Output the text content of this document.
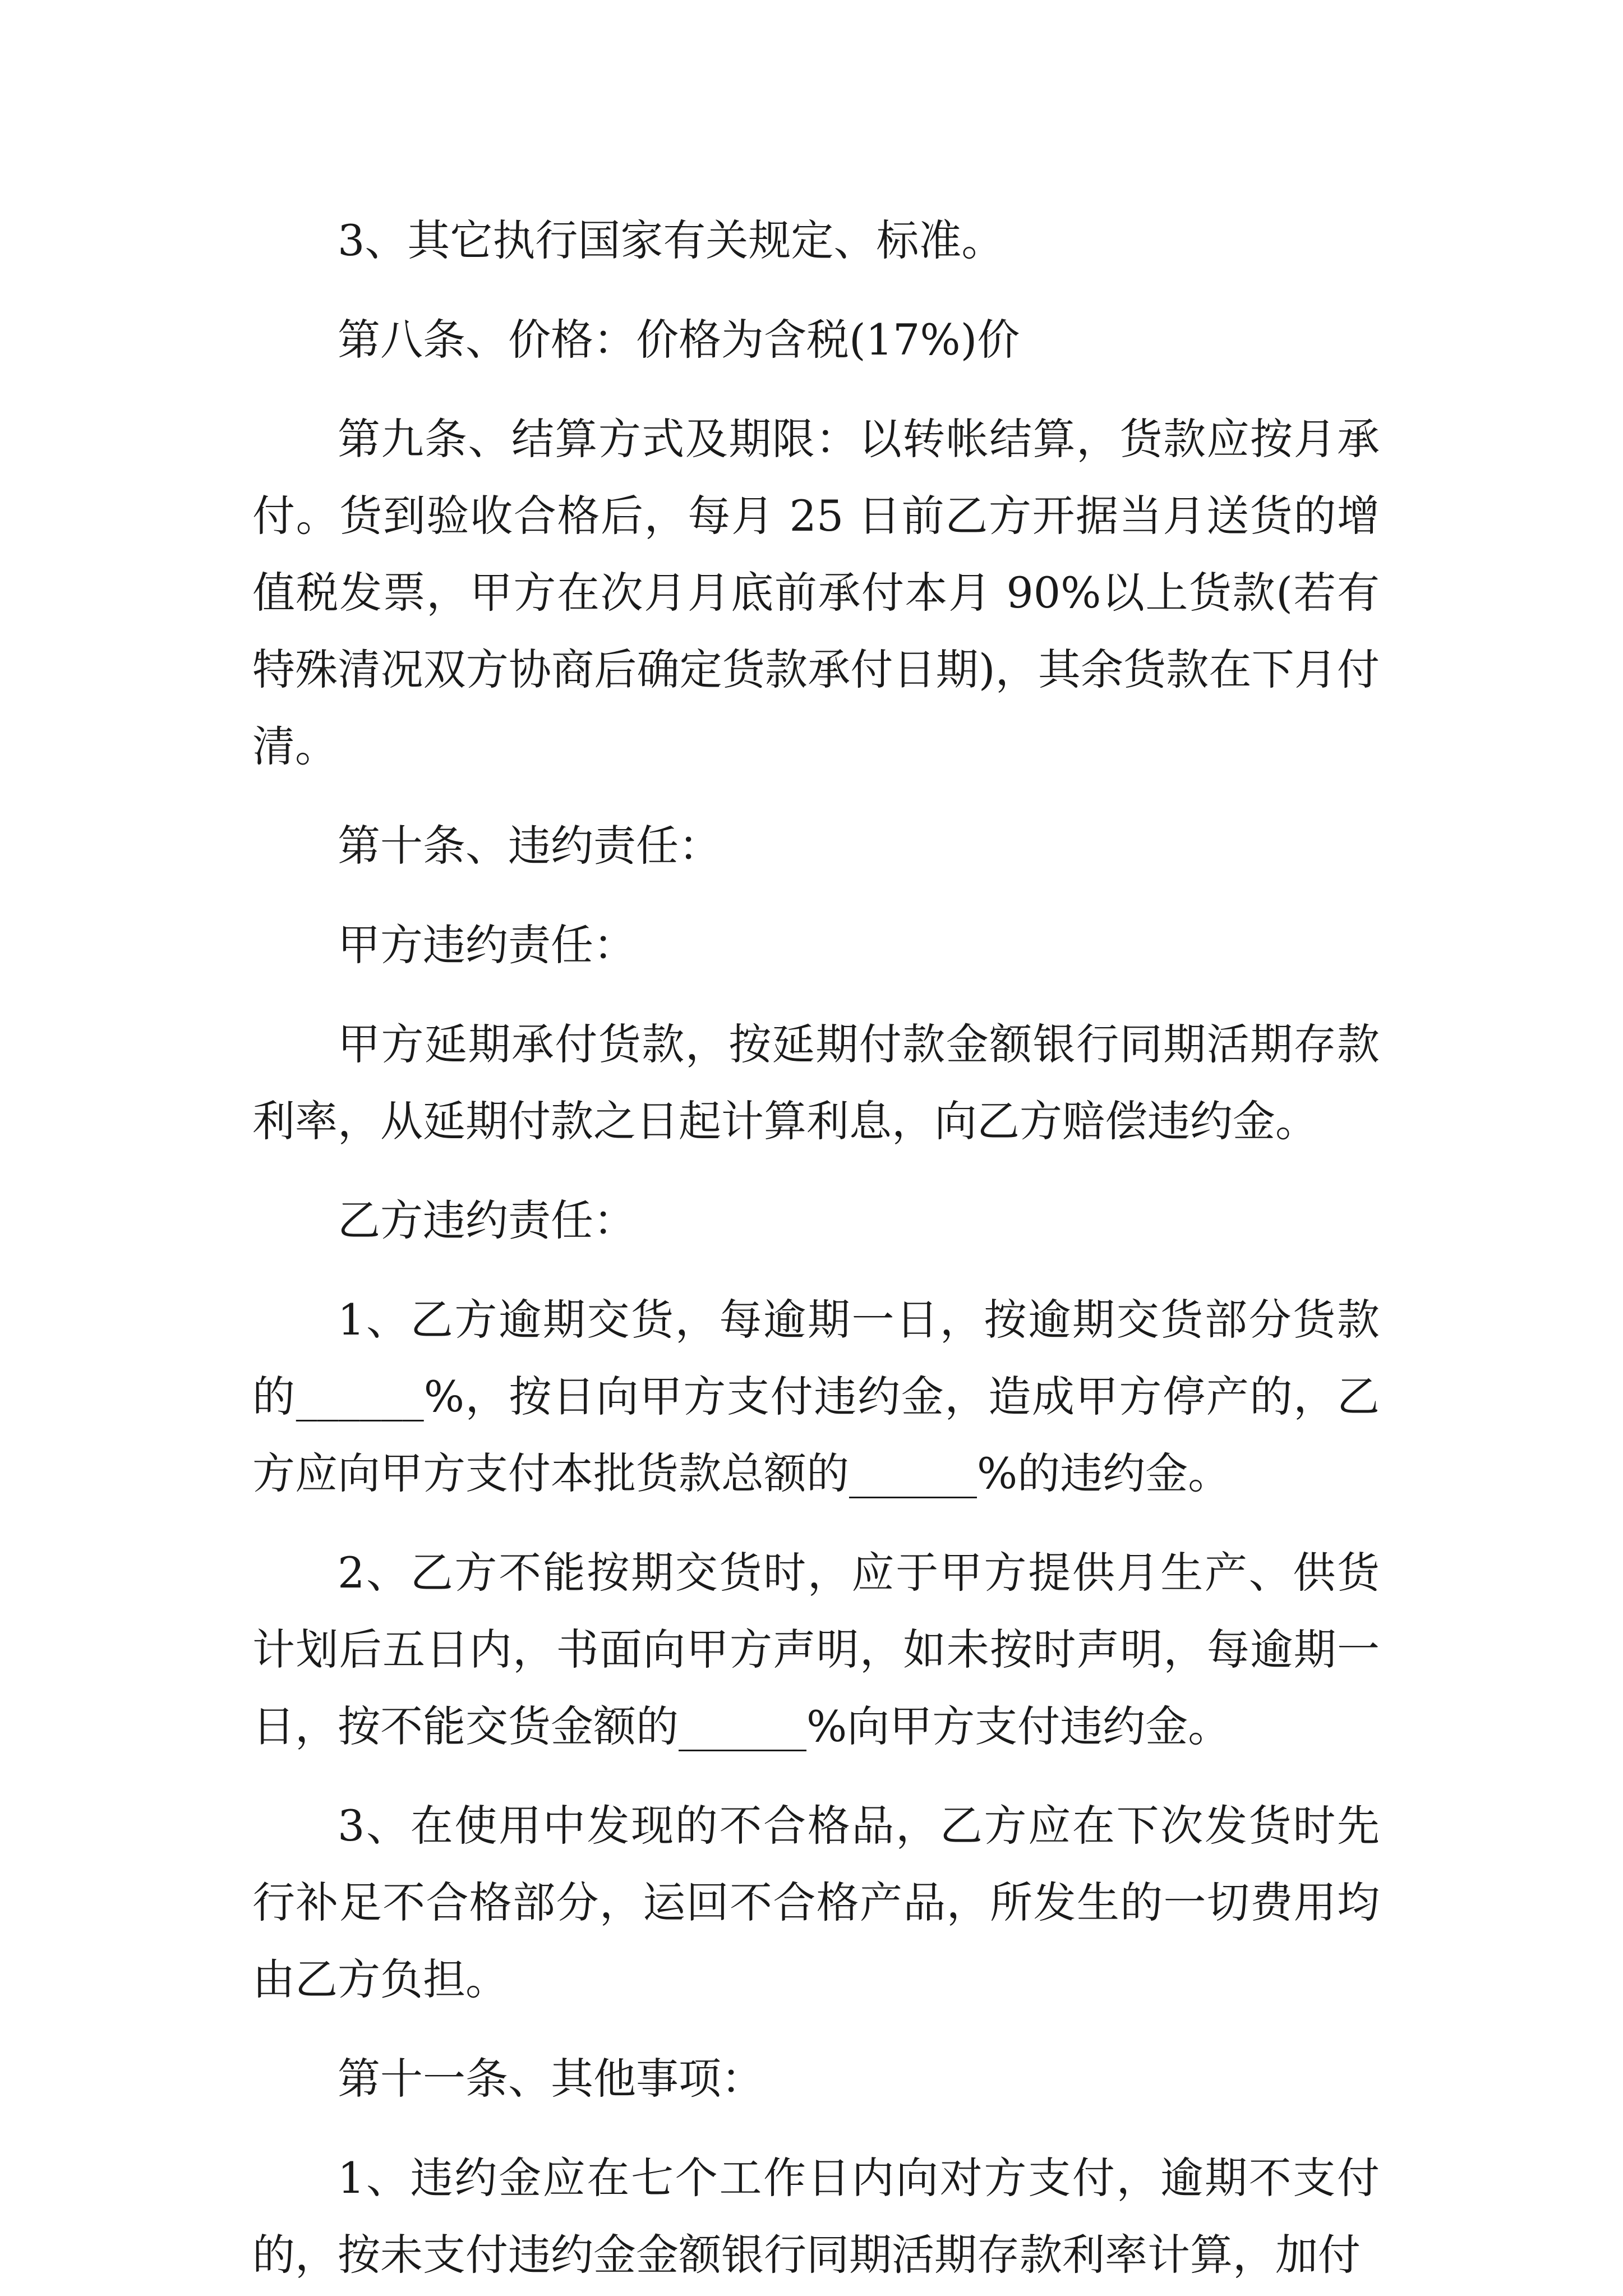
3、其它执行国家有关规定、标准。

第八条、价格：价格为含税(17%)价

第九条、结算方式及期限：以转帐结算，货款应按月承付。货到验收合格后，每月 25 日前乙方开据当月送货的增值税发票，甲方在次月月底前承付本月 90%以上货款(若有特殊清况双方协商后确定货款承付日期)，其余货款在下月付清。

第十条、违约责任：

甲方违约责任：

甲方延期承付货款，按延期付款金额银行同期活期存款利率，从延期付款之日起计算利息，向乙方赔偿违约金。

乙方违约责任：

1、乙方逾期交货，每逾期一日，按逾期交货部分货款的______%，按日向甲方支付违约金，造成甲方停产的，乙方应向甲方支付本批货款总额的______%的违约金。

2、乙方不能按期交货时，应于甲方提供月生产、供货计划后五日内，书面向甲方声明，如未按时声明，每逾期一日，按不能交货金额的______%向甲方支付违约金。

3、在使用中发现的不合格品，乙方应在下次发货时先行补足不合格部分，运回不合格产品，所发生的一切费用均由乙方负担。

第十一条、其他事项：

1、违约金应在七个工作日内向对方支付，逾期不支付的，按未支付违约金金额银行同期活期存款利率计算，加付
